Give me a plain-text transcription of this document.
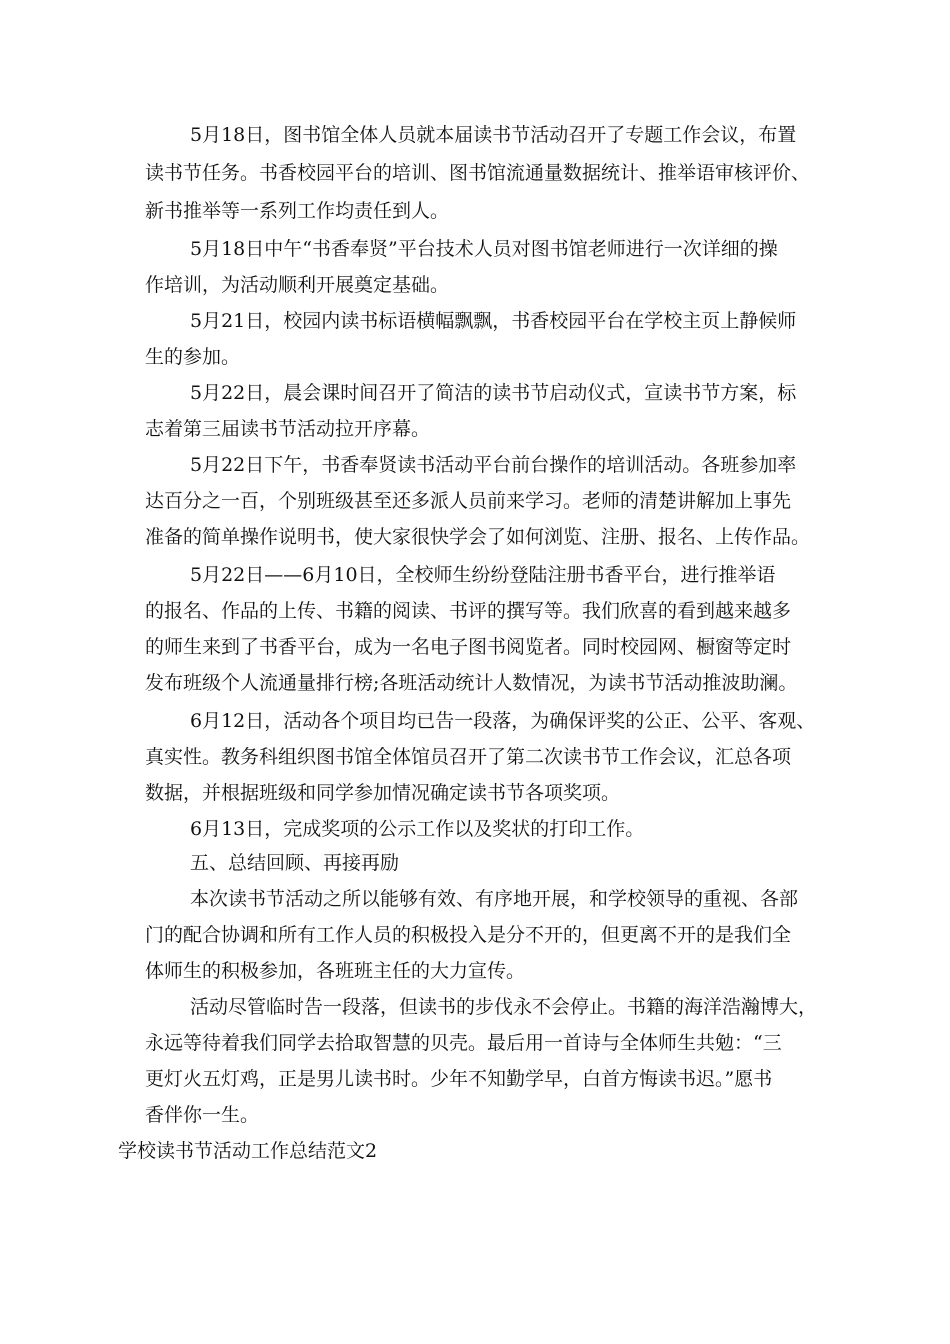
5月18日，图书馆全体人员就本届读书节活动召开了专题工作会议，布置
读书节任务。书香校园平台的培训、图书馆流通量数据统计、推举语审核评价、
新书推举等一系列工作均责任到人。
5月18日中午“书香奉贤”平台技术人员对图书馆老师进行一次详细的操
作培训，为活动顺利开展奠定基础。
5月21日，校园内读书标语横幅飘飘，书香校园平台在学校主页上静候师
生的参加。
5月22日，晨会课时间召开了简洁的读书节启动仪式，宣读书节方案，标
志着第三届读书节活动拉开序幕。
5月22日下午，书香奉贤读书活动平台前台操作的培训活动。各班参加率
达百分之一百，个别班级甚至还多派人员前来学习。老师的清楚讲解加上事先
准备的简单操作说明书，使大家很快学会了如何浏览、注册、报名、上传作品。
5月22日——6月10日，全校师生纷纷登陆注册书香平台，进行推举语
的报名、作品的上传、书籍的阅读、书评的撰写等。我们欣喜的看到越来越多
的师生来到了书香平台，成为一名电子图书阅览者。同时校园网、橱窗等定时
发布班级个人流通量排行榜;各班活动统计人数情况，为读书节活动推波助澜。
6月12日，活动各个项目均已告一段落，为确保评奖的公正、公平、客观、
真实性。教务科组织图书馆全体馆员召开了第二次读书节工作会议，汇总各项
数据，并根据班级和同学参加情况确定读书节各项奖项。
6月13日，完成奖项的公示工作以及奖状的打印工作。
五、总结回顾、再接再励
本次读书节活动之所以能够有效、有序地开展，和学校领导的重视、各部
门的配合协调和所有工作人员的积极投入是分不开的，但更离不开的是我们全
体师生的积极参加，各班班主任的大力宣传。
活动尽管临时告一段落，但读书的步伐永不会停止。书籍的海洋浩瀚博大，
永远等待着我们同学去拾取智慧的贝壳。最后用一首诗与全体师生共勉：“三
更灯火五灯鸡，正是男儿读书时。少年不知勤学早，白首方悔读书迟。”愿书
香伴你一生。
学校读书节活动工作总结范文2
